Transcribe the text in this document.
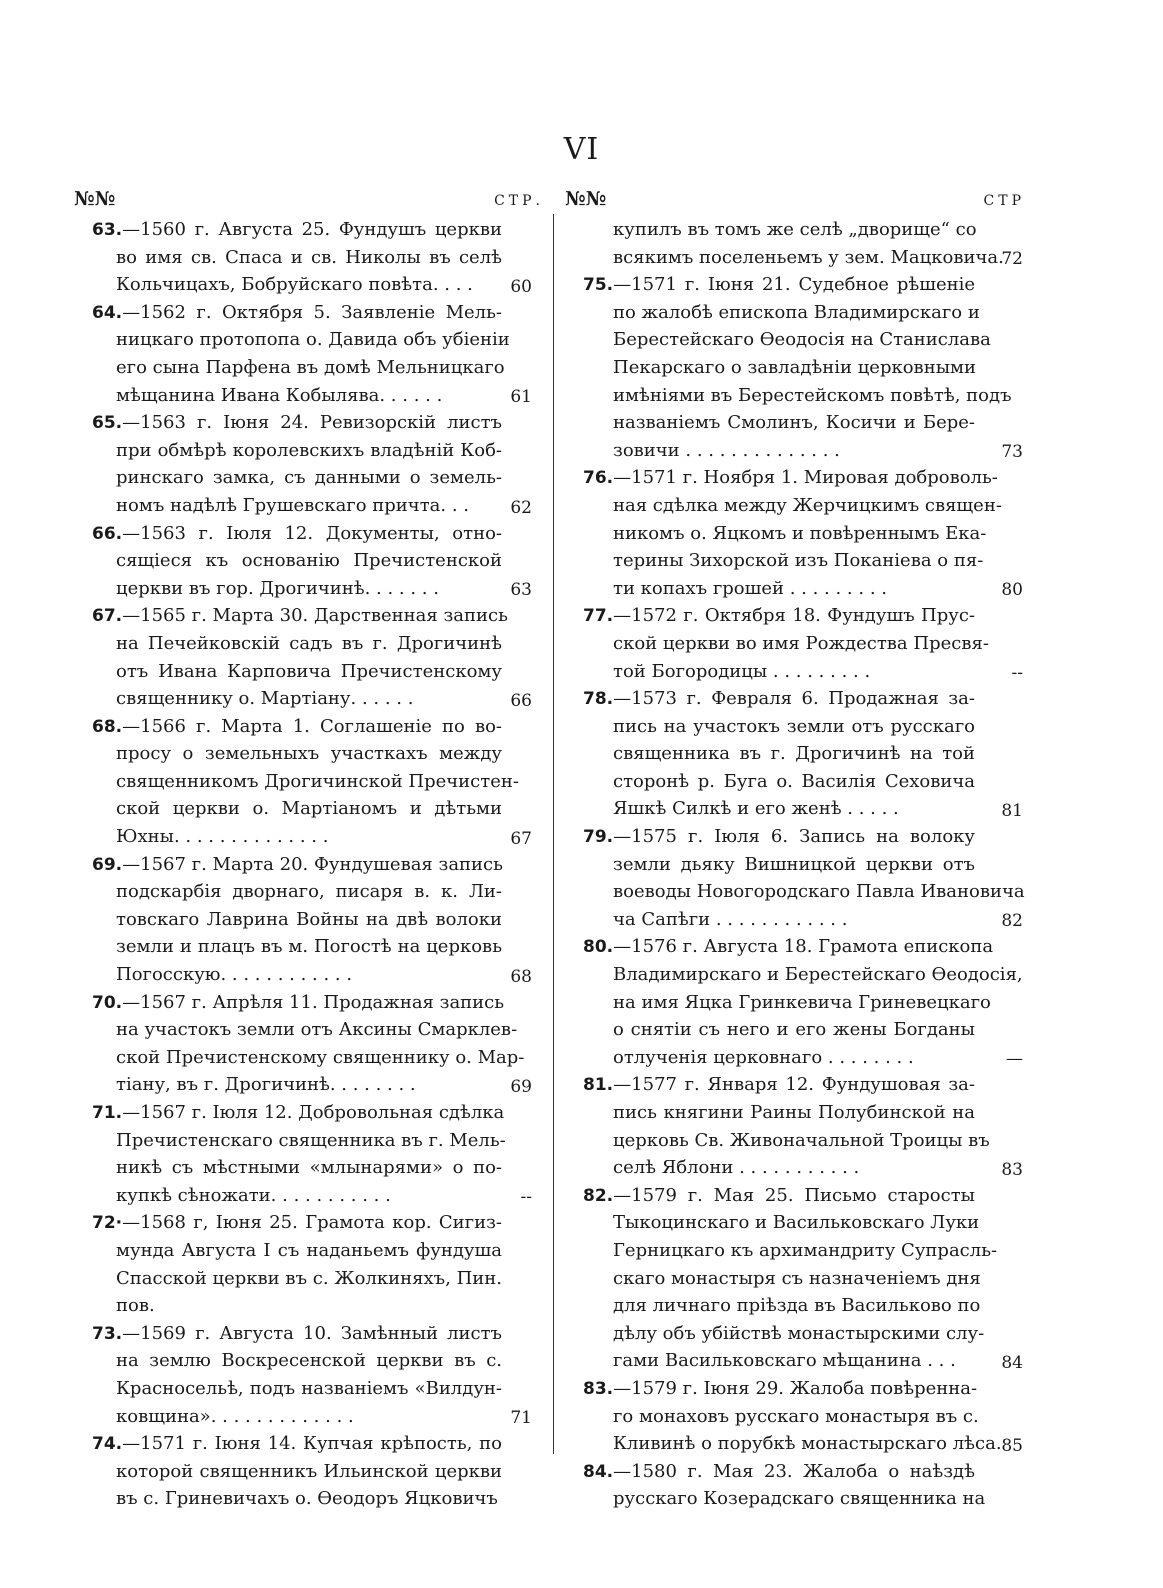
VI
№№	СТР.
63.—1560 г. Августа 25. Фундушъ церкви
во имя св. Спаса и св. Николы въ селѣ
Кольчицахъ, Бобруйскаго повѣта. . . .	60
64.—1562 г. Октября 5. Заявленіе Мель-
ницкаго протопопа о. Давида объ убіеніи
его сына Парфена въ домѣ Мельницкаго
мѣщанина Ивана Кобылява. . . . . .	61
65.—1563 г. Іюня 24. Ревизорскій листъ
при обмѣрѣ королевскихъ владѣній Коб-
ринскаго замка, съ данными о земель-
номъ надѣлѣ Грушевскаго причта. . .	62
66.—1563 г. Іюля 12. Документы, отно-
сящіеся къ основанію Пречистенской
церкви въ гор. Дрогичинѣ. . . . . . .	63
67.—1565 г. Марта 30. Дарственная запись
на Печейковскій садъ въ г. Дрогичинѣ
отъ Ивана Карповича Пречистенскому
священнику о. Мартіану. . . . . .	66
68.—1566 г. Марта 1. Соглашеніе по во-
просу о земельныхъ участкахъ между
священникомъ Дрогичинской Пречистен-
ской церкви о. Мартіаномъ и дѣтьми
Юхны. . . . . . . . . . . . . .	67
69.—1567 г. Марта 20. Фундушевая запись
подскарбія дворнаго, писаря в. к. Ли-
товскаго Лаврина Войны на двѣ волоки
земли и плацъ въ м. Погостѣ на церковь
Погосскую. . . . . . . . . . . .	68
70.—1567 г. Апрѣля 11. Продажная запись
на участокъ земли отъ Аксины Смарклев-
ской Пречистенскому священнику о. Мар-
тіану, въ г. Дрогичинѣ. . . . . . . .	69
71.—1567 г. Іюля 12. Добровольная сдѣлка
Пречистенскаго священника въ г. Мель-
никѣ съ мѣстными «млынарями» о по-
купкѣ сѣножати. . . . . . . . . . .	--
72·—1568 г, Іюня 25. Грамота кор. Сигиз-
мунда Августа I съ наданьемъ фундуша
Спасской церкви въ с. Жолкиняхъ, Пин.
пов.
73.—1569 г. Августа 10. Замѣнный листъ
на землю Воскресенской церкви въ с.
Красносельѣ, подъ названіемъ «Вилдун-
ковщина». . . . . . . . . . . . .	71
74.—1571 г. Іюня 14. Купчая крѣпость, по
которой священникъ Ильинской церкви
въ с. Гриневичахъ о. Ѳеодоръ Яцковичъ
№№	СТР
купилъ въ томъ же селѣ „дворище“ со
всякимъ поселеньемъ у зем. Мацковича.
72
75.—1571 г. Іюня 21. Судебное рѣшеніе
по жалобѣ епископа Владимирскаго и
Берестейскаго Ѳеодосія на Станислава
Пекарскаго о завладѣніи церковными
имѣніями въ Берестейскомъ повѣтѣ, подъ
названіемъ Смолинъ, Косичи и Бере-
зовичи . . . . . . . . . . . . . .	73
76.—1571 г. Ноября 1. Мировая доброволь-
ная сдѣлка между Жерчицкимъ священ-
никомъ о. Яцкомъ и повѣреннымъ Ека-
терины Зихорской изъ Поканіева о пя-
ти копахъ грошей . . . . . . . . .	80
77.—1572 г. Октября 18. Фундушъ Прус-
ской церкви во имя Рождества Пресвя-
той Богородицы . . . . . . . . .	--
78.—1573 г. Февраля 6. Продажная за-
пись на участокъ земли отъ русскаго
священника въ г. Дрогичинѣ на той
сторонѣ р. Буга о. Василія Сеховича
Яшкѣ Силкѣ и его женѣ . . . . .	81
79.—1575 г. Іюля 6. Запись на волоку
земли дьяку Вишницкой церкви отъ
воеводы Новогородскаго Павла Ивановича
ча Сапѣги . . . . . . . . . . . .	82
80.—1576 г. Августа 18. Грамота епископа
Владимирскаго и Берестейскаго Ѳеодосія,
на имя Яцка Гринкевича Гриневецкаго
о снятіи съ него и его жены Богданы
отлученія церковнаго . . . . . . . .	—
81.—1577 г. Января 12. Фундушовая за-
пись княгини Раины Полубинской на
церковь Св. Живоначальной Троицы въ
селѣ Яблони . . . . . . . . . . .	83
82.—1579 г. Мая 25. Письмо старосты
Тыкоцинскаго и Васильковскаго Луки
Герницкаго къ архимандриту Супрасль-
скаго монастыря съ назначеніемъ дня
для личнаго пріѣзда въ Васильково по
дѣлу объ убійствѣ монастырскими слу-
гами Васильковскаго мѣщанина . . .	84
83.—1579 г. Іюня 29. Жалоба повѣренна-
го монаховъ русскаго монастыря въ с.
Кливинѣ о порубкѣ монастырскаго лѣса. 85
84.—1580 г. Мая 23. Жалоба о наѣздѣ
русскаго Козерадскаго священника на
